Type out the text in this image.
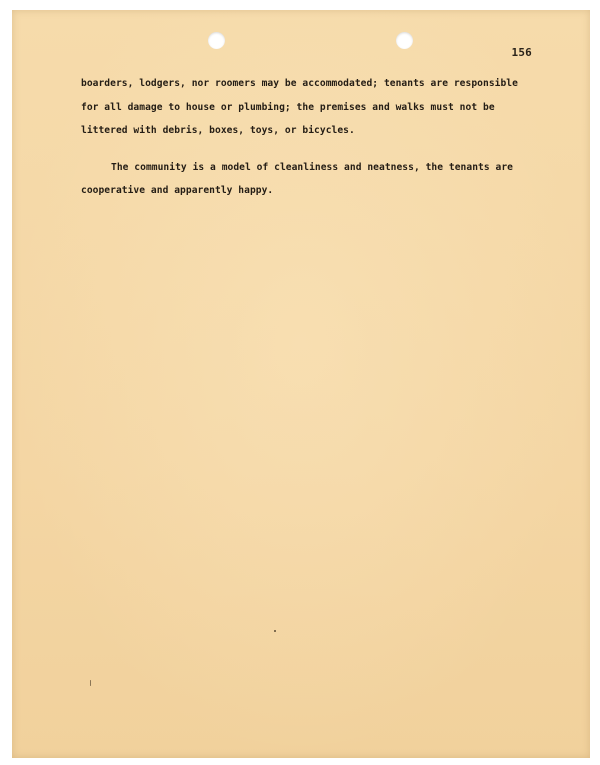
156
boarders, lodgers, nor roomers may be accommodated; tenants are responsible
for all damage to house or plumbing; the premises and walks must not be
littered with debris, boxes, toys, or bicycles.
The community is a model of cleanliness and neatness, the tenants are
cooperative and apparently happy.
